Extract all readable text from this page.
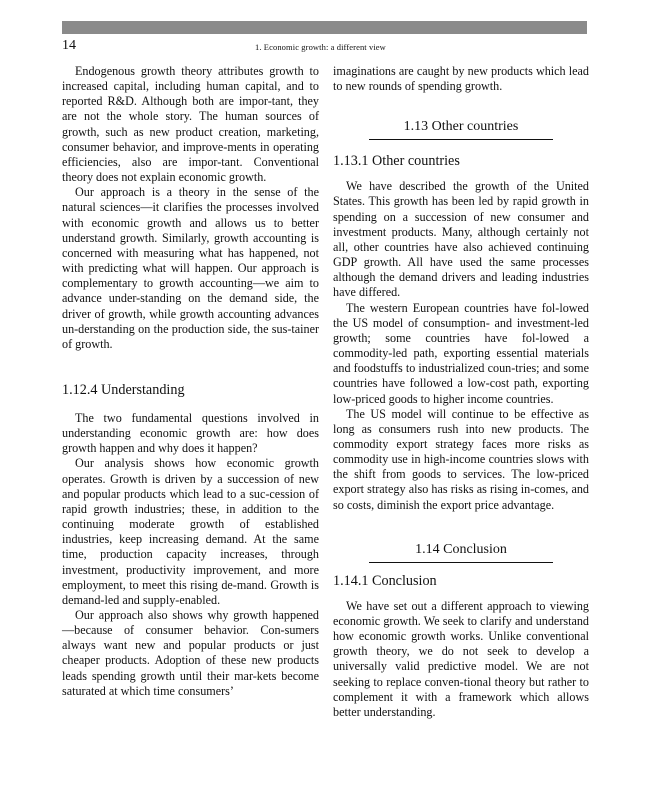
14	1. Economic growth: a different view

Endogenous growth theory attributes growth to increased capital, including human capital, and to reported R&D. Although both are impor-tant, they are not the whole story. The human sources of growth, such as new product creation, marketing, consumer behavior, and improve-ments in operating efficiencies, also are impor-tant. Conventional theory does not explain economic growth.

Our approach is a theory in the sense of the natural sciences—it clarifies the processes involved with economic growth and allows us to better understand growth. Similarly, growth accounting is concerned with measuring what has happened, not with predicting what will happen. Our approach is complementary to growth accounting—we aim to advance under-standing on the demand side, the driver of growth, while growth accounting advances un-derstanding on the production side, the sus-tainer of growth.

1.12.4 Understanding

The two fundamental questions involved in understanding economic growth are: how does growth happen and why does it happen?

Our analysis shows how economic growth operates. Growth is driven by a succession of new and popular products which lead to a suc-cession of rapid growth industries; these, in addition to the continuing moderate growth of established industries, keep increasing demand. At the same time, production capacity increases, through investment, productivity improvement, and more employment, to meet this rising de-mand. Growth is demand-led and supply-enabled.

Our approach also shows why growth happened—because of consumer behavior. Con-sumers always want new and popular products or just cheaper products. Adoption of these new products leads spending growth until their mar-kets become saturated at which time consumers’

imaginations are caught by new products which lead to new rounds of spending growth.

1.13 Other countries
1.13.1 Other countries

We have described the growth of the United States. This growth has been led by rapid growth in spending on a succession of new consumer and investment products. Many, although certainly not all, other countries have also achieved continuing GDP growth. All have used the same processes although the demand drivers and leading industries have differed.

The western European countries have fol-lowed the US model of consumption- and investment-led growth; some countries have fol-lowed a commodity-led path, exporting essential materials and foodstuffs to industrialized coun-tries; and some countries have followed a low-cost path, exporting low-priced goods to higher income countries.

The US model will continue to be effective as long as consumers rush into new products. The commodity export strategy faces more risks as commodity use in high-income countries slows with the shift from goods to services. The low-priced export strategy also has risks as rising in-comes, and so costs, diminish the export price advantage.

1.14 Conclusion
1.14.1 Conclusion

We have set out a different approach to viewing economic growth. We seek to clarify and understand how economic growth works. Unlike conventional growth theory, we do not seek to develop a universally valid predictive model. We are not seeking to replace conven-tional theory but rather to complement it with a framework which allows better understanding.
